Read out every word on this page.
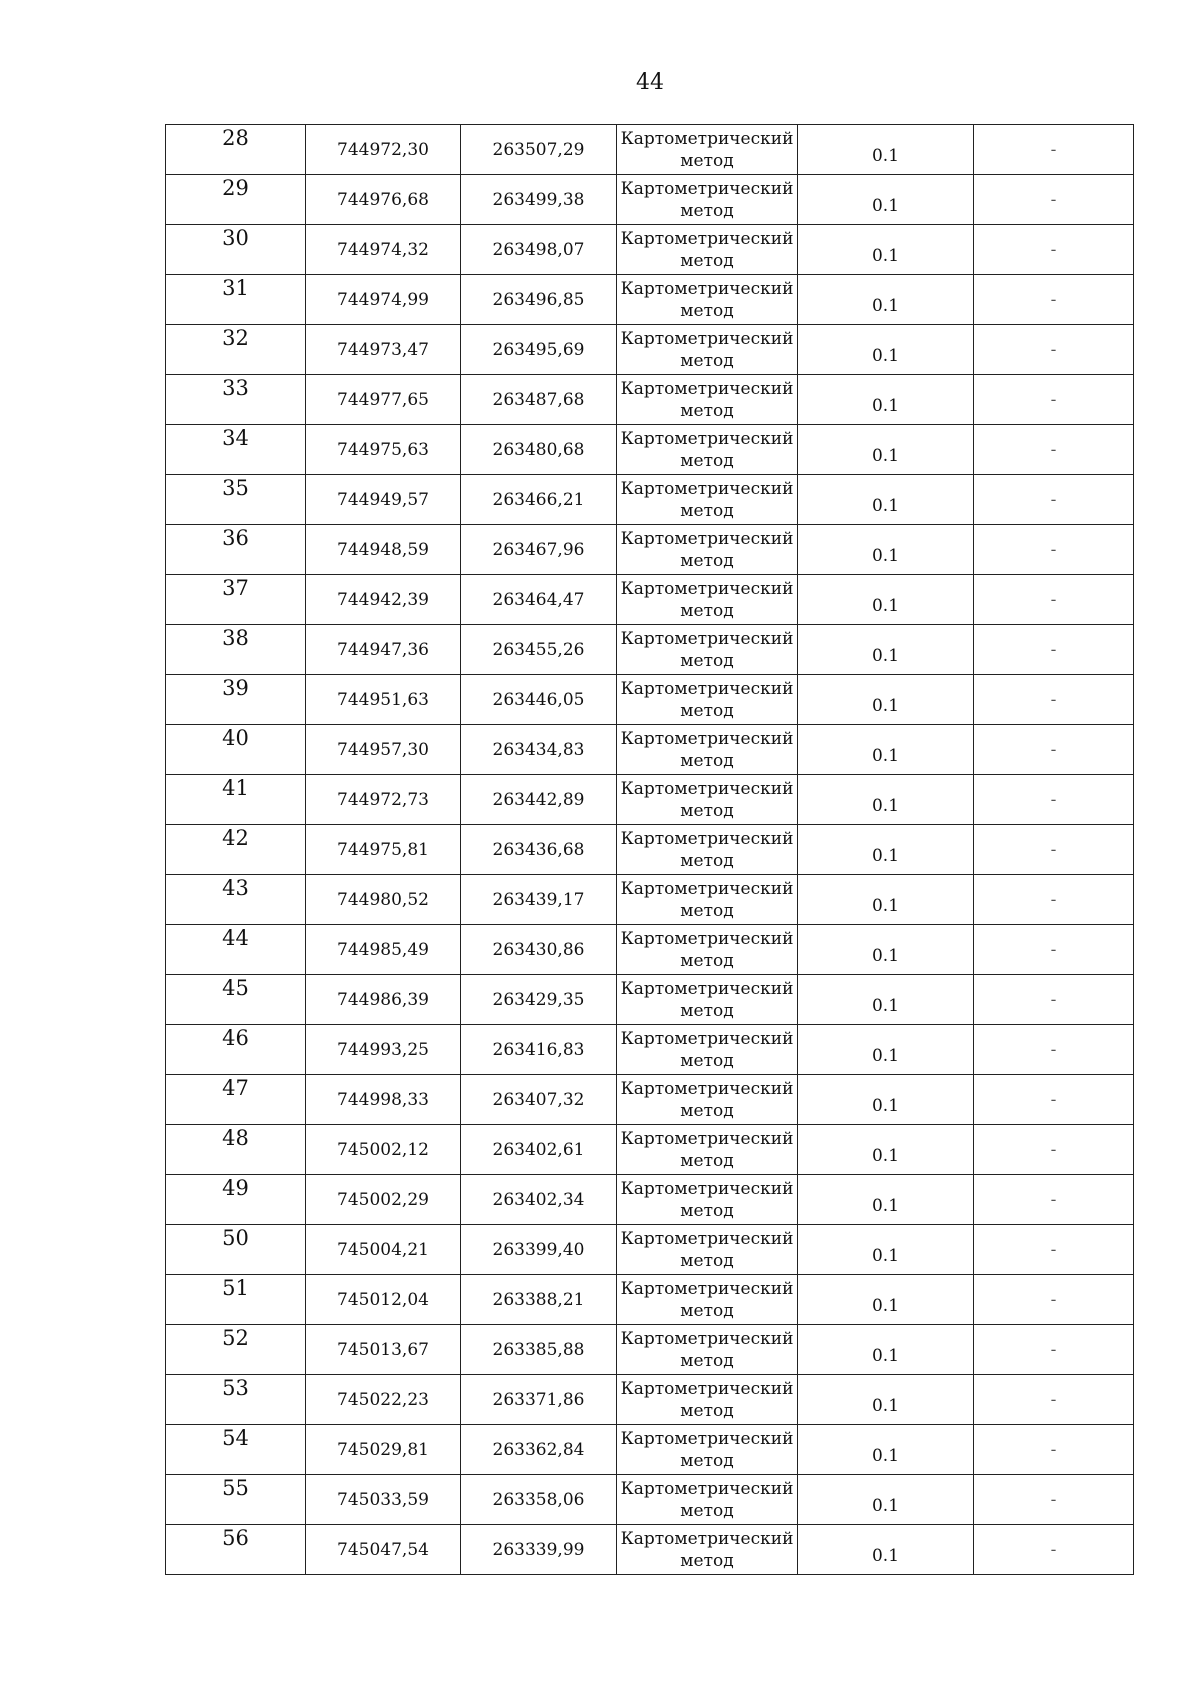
44
28	744972,30	263507,29	Картометрический метод	0.1	-
29	744976,68	263499,38	Картометрический метод	0.1	-
30	744974,32	263498,07	Картометрический метод	0.1	-
31	744974,99	263496,85	Картометрический метод	0.1	-
32	744973,47	263495,69	Картометрический метод	0.1	-
33	744977,65	263487,68	Картометрический метод	0.1	-
34	744975,63	263480,68	Картометрический метод	0.1	-
35	744949,57	263466,21	Картометрический метод	0.1	-
36	744948,59	263467,96	Картометрический метод	0.1	-
37	744942,39	263464,47	Картометрический метод	0.1	-
38	744947,36	263455,26	Картометрический метод	0.1	-
39	744951,63	263446,05	Картометрический метод	0.1	-
40	744957,30	263434,83	Картометрический метод	0.1	-
41	744972,73	263442,89	Картометрический метод	0.1	-
42	744975,81	263436,68	Картометрический метод	0.1	-
43	744980,52	263439,17	Картометрический метод	0.1	-
44	744985,49	263430,86	Картометрический метод	0.1	-
45	744986,39	263429,35	Картометрический метод	0.1	-
46	744993,25	263416,83	Картометрический метод	0.1	-
47	744998,33	263407,32	Картометрический метод	0.1	-
48	745002,12	263402,61	Картометрический метод	0.1	-
49	745002,29	263402,34	Картометрический метод	0.1	-
50	745004,21	263399,40	Картометрический метод	0.1	-
51	745012,04	263388,21	Картометрический метод	0.1	-
52	745013,67	263385,88	Картометрический метод	0.1	-
53	745022,23	263371,86	Картометрический метод	0.1	-
54	745029,81	263362,84	Картометрический метод	0.1	-
55	745033,59	263358,06	Картометрический метод	0.1	-
56	745047,54	263339,99	Картометрический метод	0.1	-
